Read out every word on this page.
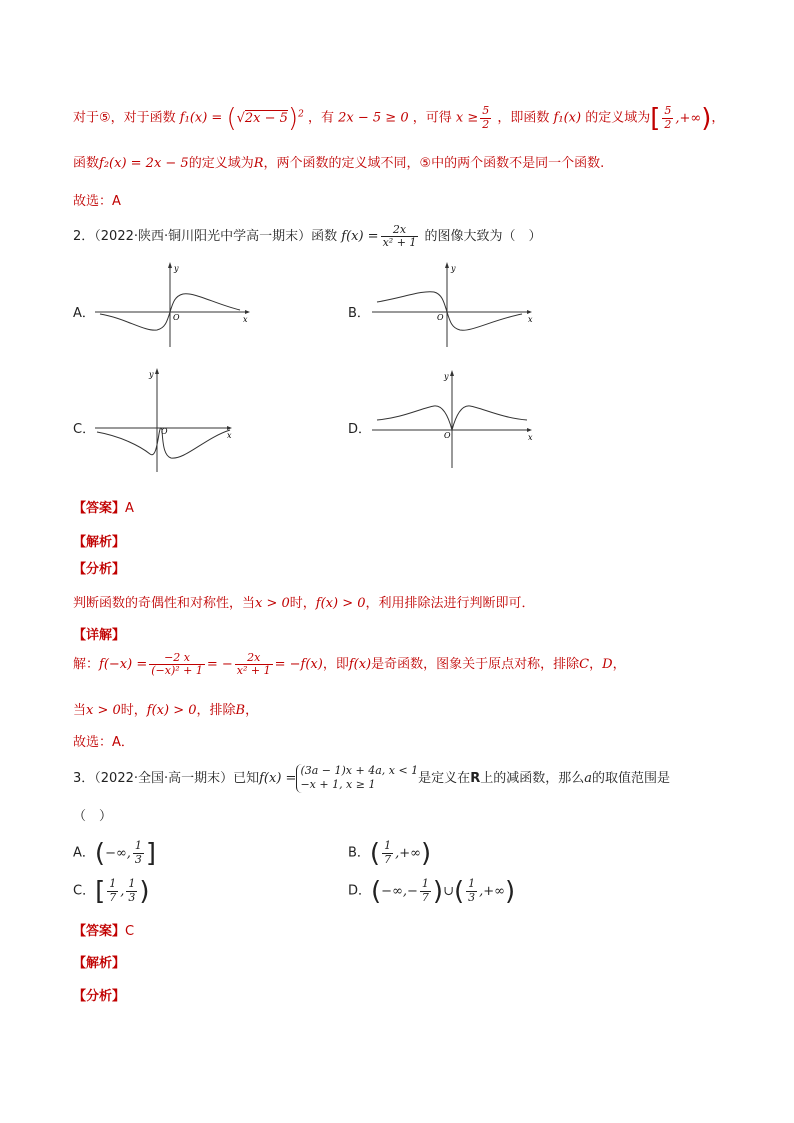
对于⑤，对于函数 $f_1(x) = (√2x - 5)^2$ ，有 2x − 5 ≥ 0 ，可得 $x \ge \frac{5}{2}$ ，即函数 f₁(x) 的定义域为[ $\frac{5}{2}$ ,+∞)，
函数f₂(x) = 2x − 5的定义域为R，两个函数的定义域不同，⑤中的两个函数不是同一个函数.
故选：A
2．（2022·陕西·铜川阳光中学高一期末）函数 $f(x) = \frac{2x}{\text{x² + 1}}$ 的图像大致为（　）
A．	x
y
O	B．	x
y
O
C．	x
y
O	D．
x
y
O
【答案】A
【解析】
【分析】
判断函数的奇偶性和对称性，当x > 0时，f(x) > 0，利用排除法进行判断即可．
【详解】
解：$f(-x) = \frac{-2 x}{\text{(−x)² + 1}}$ = − $\frac{2x}{\text{x² + 1}} = -f(x)$，即f(x)是奇函数，图象关于原点对称，排除C，D，
当x > 0时，f(x) > 0，排除B，
故选：A．
3．（2022·全国·高一期末）已知f(x) =
(3a − 1)x + 4a, x < 1
−x + 1, x ≥ 1	是定义在R上的减函数，那么a的取值范围是
（　）
A．(−∞, $\frac{1}{3}$ ]	B．( $\frac{1}{7}$ ,+∞)
C．[ $\frac{1}{7}$ , $\frac{1}{3}$ )	D．(−∞,− $\frac{1}{7}$ )∪( $\frac{1}{3}$ ,+∞)
【答案】C
【解析】
【分析】
